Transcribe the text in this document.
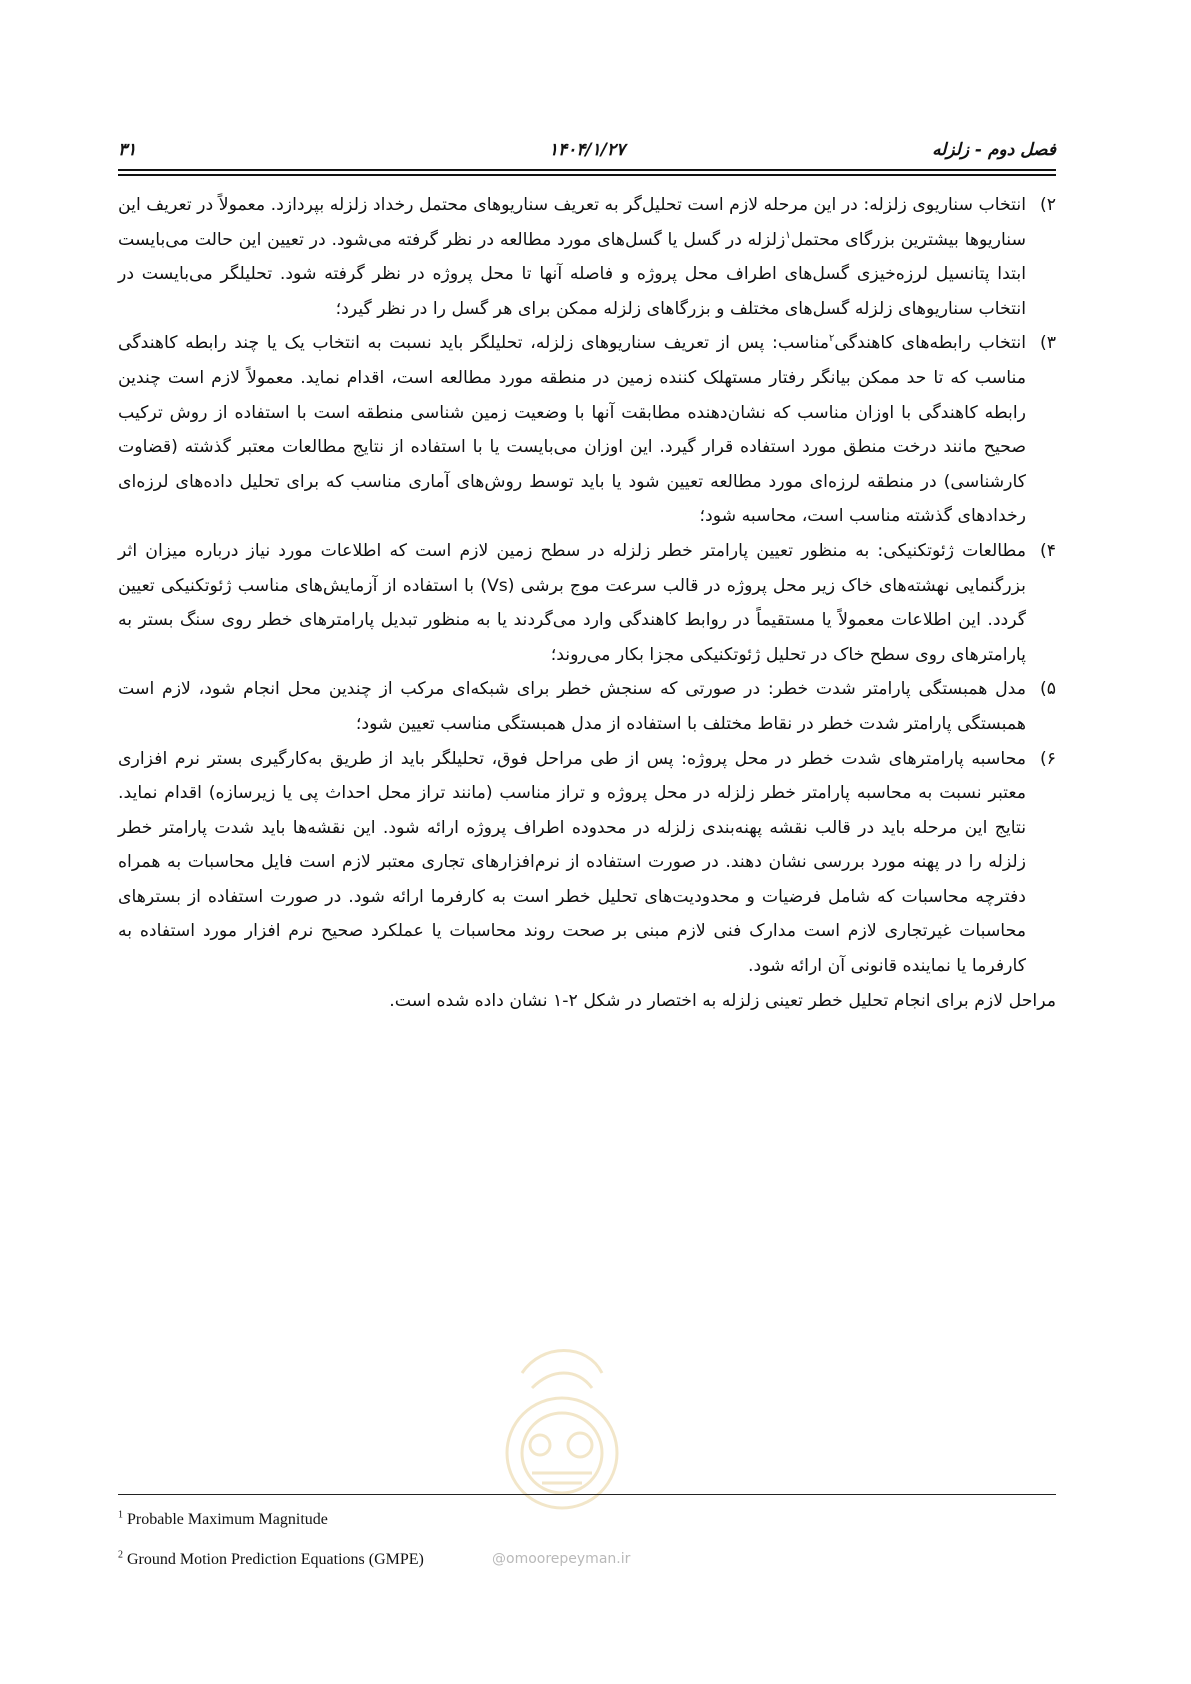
۳۱	۱۴۰۴/۱/۲۷	فصل دوم - زلزله
۲)

انتخاب سناریوی زلزله: در این مرحله لازم است تحلیل‌گر به تعریف سناریوهای محتمل رخداد زلزله بپردازد. معمولاً در تعریف این سناریوها بیشترین بزرگای محتمل$^۱$زلزله در گسل یا گسل‌های مورد مطالعه در نظر گرفته می‌شود. در تعیین این حالت می‌بایست ابتدا پتانسیل لرزه‌خیزی گسل‌های اطراف محل پروژه و فاصله آنها تا محل پروژه در نظر گرفته شود. تحلیلگر می‌بایست در انتخاب سناریوهای زلزله گسل‌های مختلف و بزرگاهای زلزله ممکن برای هر گسل را در نظر گیرد؛

۳)

انتخاب رابطه‌های کاهندگی$^۲$مناسب: پس از تعریف سناریوهای زلزله، تحلیلگر باید نسبت به انتخاب یک یا چند رابطه کاهندگی مناسب که تا حد ممکن بیانگر رفتار مستهلک کننده زمین در منطقه مورد مطالعه است، اقدام نماید. معمولاً لازم است چندین رابطه کاهندگی با اوزان مناسب که نشان‌دهنده مطابقت آنها با وضعیت زمین شناسی منطقه است با استفاده از روش ترکیب صحیح مانند درخت منطق مورد استفاده قرار گیرد. این اوزان می‌بایست یا با استفاده از نتایج مطالعات معتبر گذشته (قضاوت کارشناسی) در منطقه لرزه‌ای مورد مطالعه تعیین شود یا باید توسط روش‌های آماری مناسب که برای تحلیل داده‌های لرزه‌ای رخدادهای گذشته مناسب است، محاسبه شود؛

۴)

مطالعات ژئوتکنیکی: به منظور تعیین پارامتر خطر زلزله در سطح زمین لازم است که اطلاعات مورد نیاز درباره میزان اثر بزرگنمایی نهشته‌های خاک زیر محل پروژه در قالب سرعت موج برشی (Vs) با استفاده از آزمایش‌های مناسب ژئوتکنیکی تعیین گردد. این اطلاعات معمولاً یا مستقیماً در روابط کاهندگی وارد می‌گردند یا به منظور تبدیل پارامترهای خطر روی سنگ بستر به پارامترهای روی سطح خاک در تحلیل ژئوتکنیکی مجزا بکار می‌روند؛

۵)

مدل همبستگی پارامتر شدت خطر: در صورتی که سنجش خطر برای شبکه‌ای مرکب از چندین محل انجام شود، لازم است همبستگی پارامتر شدت خطر در نقاط مختلف با استفاده از مدل همبستگی مناسب تعیین شود؛

۶)

محاسبه پارامترهای شدت خطر در محل پروژه: پس از طی مراحل فوق، تحلیلگر باید از طریق به‌کارگیری بستر نرم افزاری معتبر نسبت به محاسبه پارامتر خطر زلزله در محل پروژه و تراز مناسب (مانند تراز محل احداث پی یا زیرسازه) اقدام نماید. نتایج این مرحله باید در قالب نقشه پهنه‌بندی زلزله در محدوده اطراف پروژه ارائه شود. این نقشه‌ها باید شدت پارامتر خطر زلزله را در پهنه مورد بررسی نشان دهند. در صورت استفاده از نرم‌افزارهای تجاری معتبر لازم است فایل محاسبات به همراه دفترچه محاسبات که شامل فرضیات و محدودیت‌های تحلیل خطر است به کارفرما ارائه شود. در صورت استفاده از بسترهای محاسبات غیرتجاری لازم است مدارک فنی لازم مبنی بر صحت روند محاسبات یا عملکرد صحیح نرم افزار مورد استفاده به کارفرما یا نماینده قانونی آن ارائه شود.

مراحل لازم برای انجام تحلیل خطر تعینی زلزله به اختصار در شکل ۲-۱ نشان داده شده است.

@omoorepeyman.ir

$^1$ Probable Maximum Magnitude

$^2$ Ground Motion Prediction Equations (GMPE)
